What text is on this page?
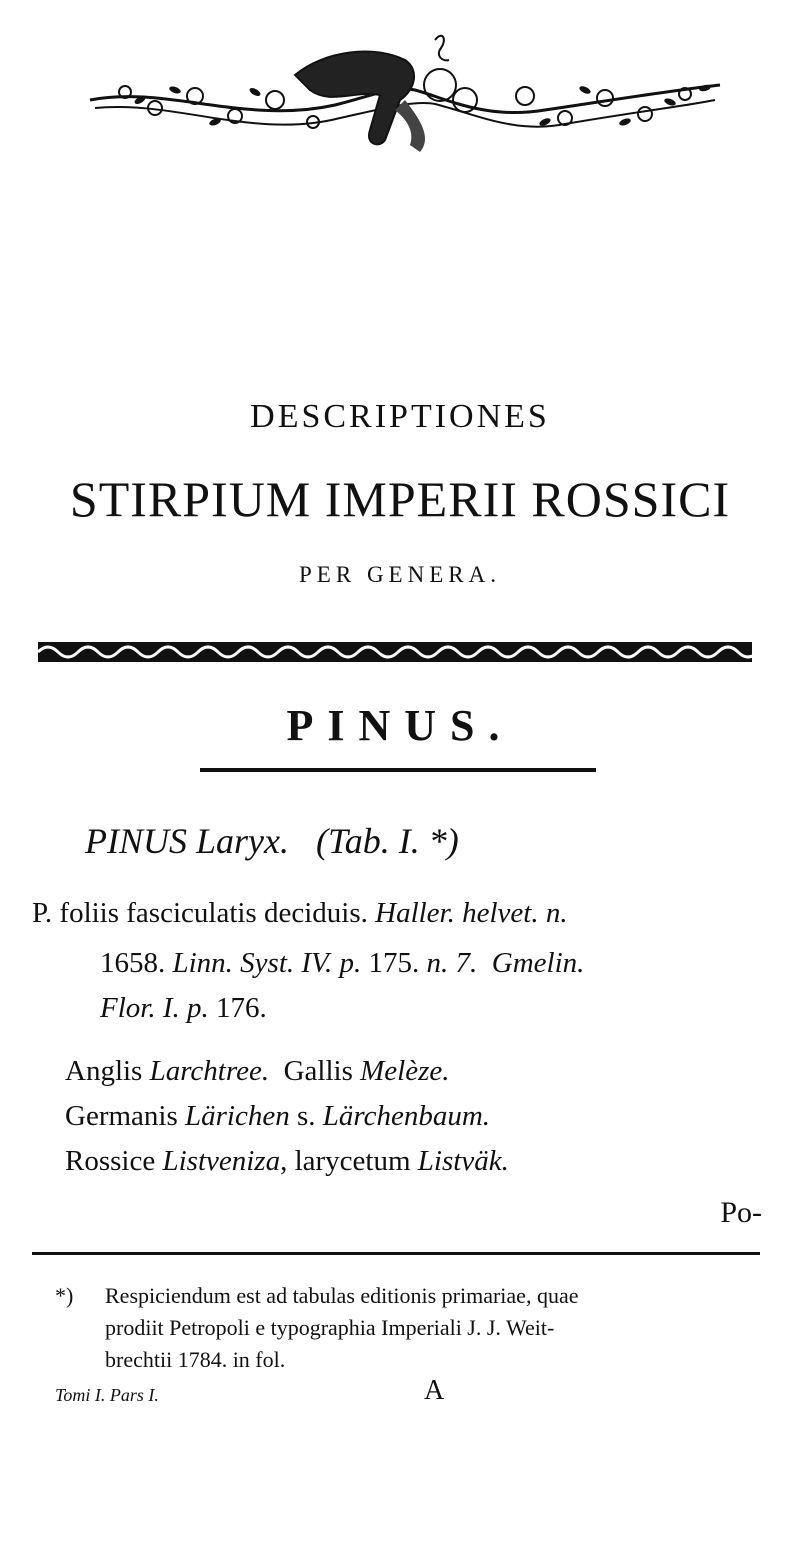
DESCRIPTIONES
STIRPIUM IMPERII ROSSICI
PER GENERA.
PINUS.
PINUS Laryx. (Tab. I. *)
P. foliis fasciculatis deciduis. Haller. helvet. n.
1658. Linn. Syst. IV. p. 175. n. 7. Gmelin.
Flor. I. p. 176.
Anglis Larchtree.  Gallis Melèze.
Germanis Lärichen s. Lärchenbaum.
Rossice Listveniza, larycetum Listväk.
Po-
*) Respiciendum est ad tabulas editionis primariae, quae
prodiit Petropoli e typographia Imperiali J. J. Weit-
brechtii 1784. in fol.
Tomi I. Pars I.	A
